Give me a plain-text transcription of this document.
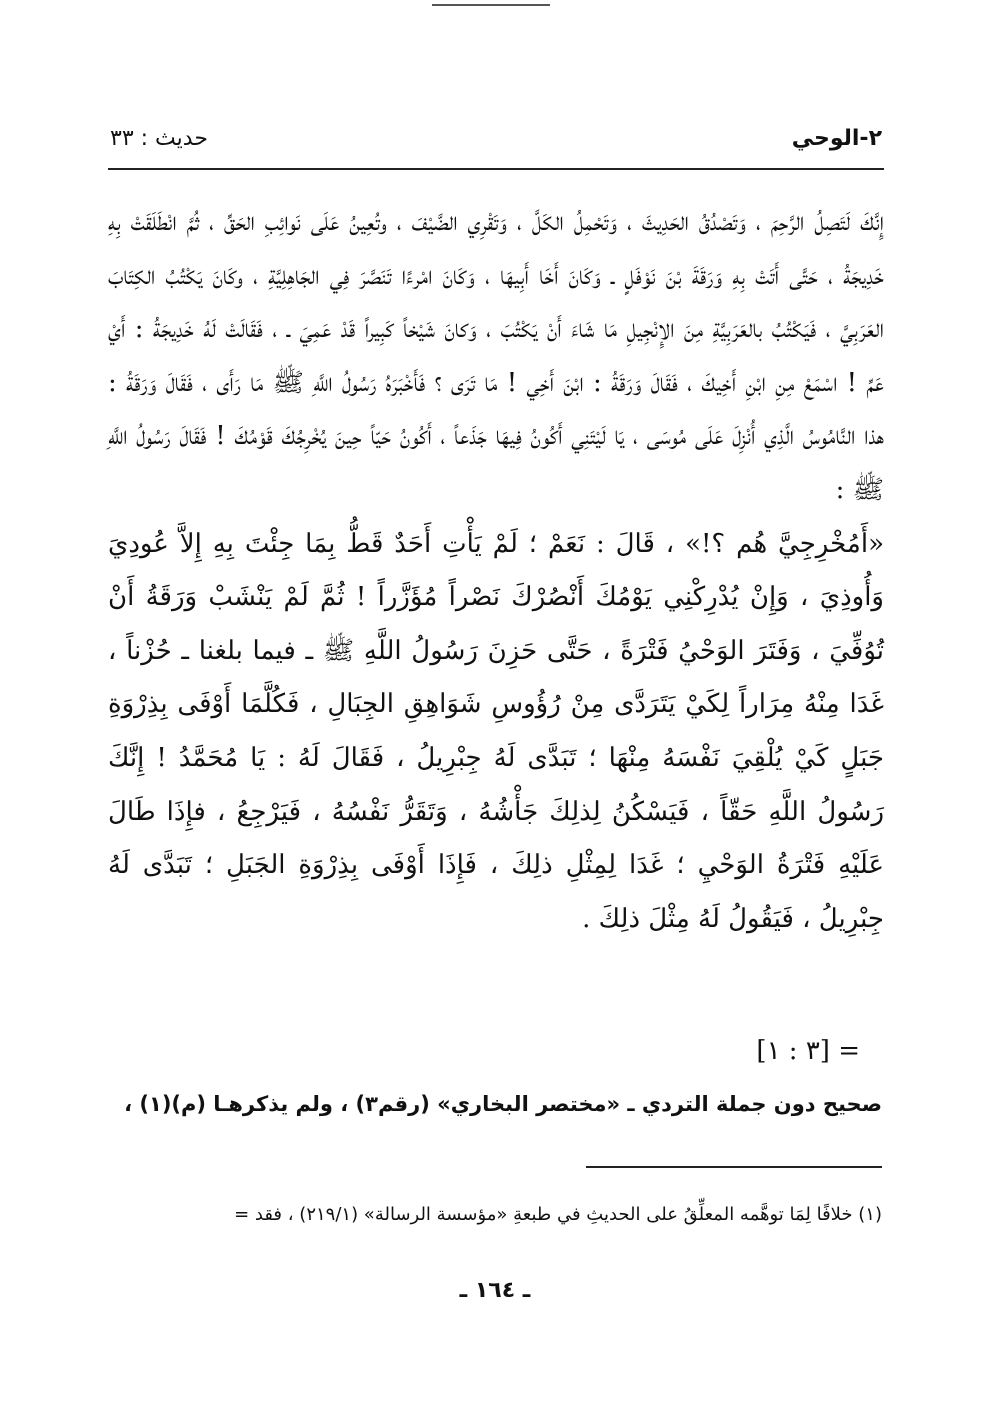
٢-الوحي
حديث : ٣٣

إِنَّكَ لَتَصِلُ الرَّحِمَ ، وَتَصْدُقُ الحَدِيثَ ، وَتَحْمِلُ الكَلَّ ، وَتَقْرِي الضَّيْفَ ، وتُعِينُ عَلَى نَوائِبِ الحَقِّ ، ثُمَّ انْطَلَقَتْ بِهِ خَدِيجَةُ ، حَتَّى أَتَتْ بِهِ وَرَقَةَ بْنَ نَوْفَلٍ ـ وَكَانَ أَخَا أَبِيهَا ، وَكَانَ امْرءًا تَنَصَّرَ فِي الجَاهِلِيَّةِ ، وكَانَ يَكْتُبُ الكِتَابَ العَرَبِيَّ ، فَيَكْتُبُ بالعَرَبِيَّةِ مِنَ الإِنْجِيلِ مَا شَاءَ أَنْ يَكْتُبَ ، وَكانَ شَيْخاً كَبِيراً قَدْ عَمِيَ ـ ، فَقَالَتْ لَهُ خَدِيجَةُ : أَيْ عَمِّ ! اسْمَعْ مِنِ ابْنِ أَخِيكَ ، فَقَالَ وَرَقَةُ : ابْنَ أَخِي ! مَا تَرَى ؟ فَأَخْبَرَهُ رَسُولُ اللَّهِ ﷺ مَا رَأَى ، فَقَالَ وَرَقَةُ : هذا النَّامُوسُ الَّذِي أُنْزِلَ عَلَى مُوسَى ، يَا لَيْتَنِي أَكُونُ فِيهَا جَذَعاً ، أَكُونُ حَيّاً حِينَ يُخْرِجُكَ قَوْمُكَ ! فَقَالَ رَسُولُ اللَّهِ ﷺ :

«أَمُخْرِجِيَّ هُم ؟!» ، قَالَ : نَعَمْ ؛ لَمْ يَأْتِ أَحَدٌ قَطُّ بِمَا جِئْتَ بِهِ إِلاَّ عُودِيَ وَأُوذِيَ ، وَإِنْ يُدْرِكْنِي يَوْمُكَ أَنْصُرْكَ نَصْراً مُؤَزَّراً ! ثُمَّ لَمْ يَنْشَبْ وَرَقَةُ أَنْ تُوُفِّيَ ، وَفَتَرَ الوَحْيُ فَتْرَةً ، حَتَّى حَزِنَ رَسُولُ اللَّهِ ﷺ ـ فيما بلغنا ـ حُزْناً ، غَدَا مِنْهُ مِرَاراً لِكَيْ يَتَرَدَّى مِنْ رُؤُوسِ شَوَاهِقِ الجِبَالِ ، فَكُلَّمَا أَوْفَى بِذِرْوَةِ جَبَلٍ كَيْ يُلْقِيَ نَفْسَهُ مِنْهَا ؛ تَبَدَّى لَهُ جِبْرِيلُ ، فَقَالَ لَهُ : يَا مُحَمَّدُ ! إِنَّكَ رَسُولُ اللَّهِ حَقّاً ، فَيَسْكُنُ لِذلِكَ جَأْشُهُ ، وَتَقَرُّ نَفْسُهُ ، فَيَرْجِعُ ، فإِذَا طَالَ عَلَيْهِ فَتْرَةُ الوَحْيِ ؛ غَدَا لِمِثْلِ ذلِكَ ، فَإِذَا أَوْفَى بِذِرْوَةِ الجَبَلِ ؛ تَبَدَّى لَهُ جِبْرِيلُ ، فَيَقُولُ لَهُ مِثْلَ ذلِكَ .

= [٣ : ١]
صحيح دون جملة التردي ـ «مختصر البخاري» (رقم٣) ، ولم يذكرهـا (م)(١) ،
(١) خلافًا لِمَا توهَّمه المعلِّقُ على الحديثِ في طبعةِ «مؤسسة الرسالة» (٢١٩/١) ، فقد =
ـ ١٦٤ ـ
